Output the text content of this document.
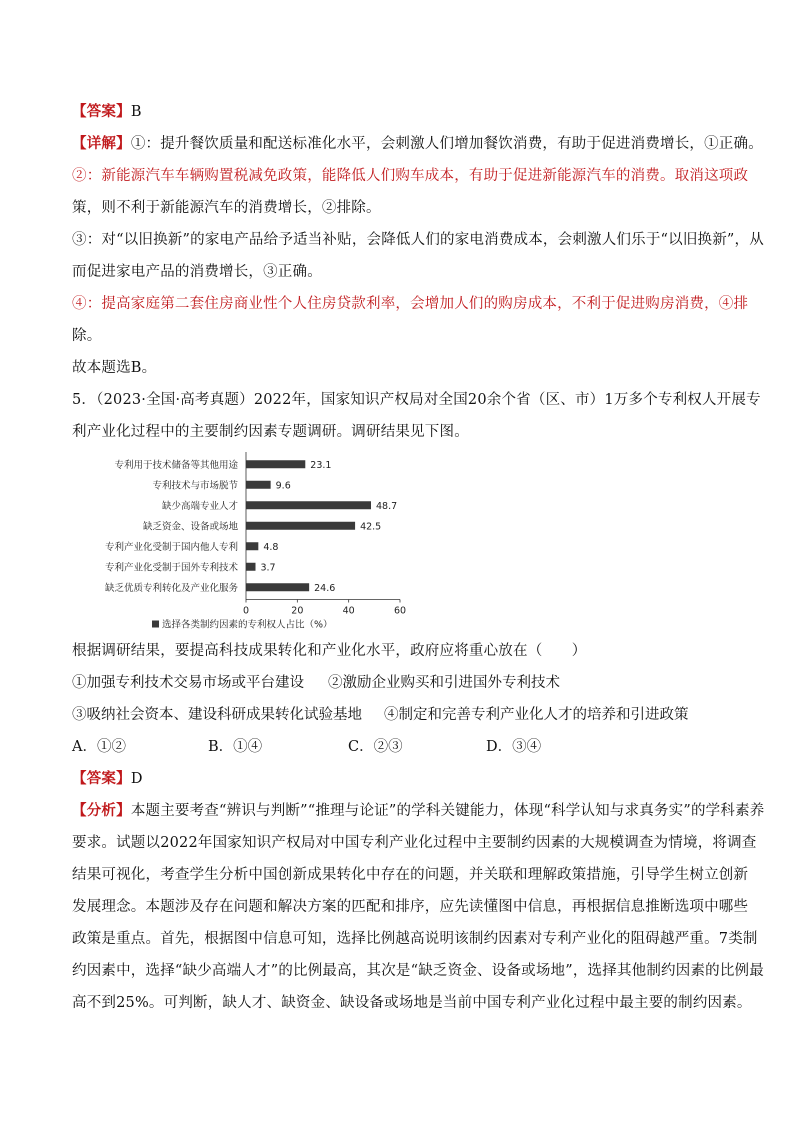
【答案】B
【详解】①：提升餐饮质量和配送标准化水平，会刺激人们增加餐饮消费，有助于促进消费增长，①正确。
②：新能源汽车车辆购置税减免政策，能降低人们购车成本，有助于促进新能源汽车的消费。取消这项政
策，则不利于新能源汽车的消费增长，②排除。
③：对“以旧换新”的家电产品给予适当补贴，会降低人们的家电消费成本，会刺激人们乐于“以旧换新”，从
而促进家电产品的消费增长，③正确。
④：提高家庭第二套住房商业性个人住房贷款利率，会增加人们的购房成本，不利于促进购房消费，④排
除。
故本题选B。
5．（2023·全国·高考真题）2022年，国家知识产权局对全国20余个省（区、市）1万多个专利权人开展专
利产业化过程中的主要制约因素专题调研。调研结果见下图。
专利用于技术储备等其他用途
专利技术与市场脱节
缺少高端专业人才
缺乏资金、设备或场地
专利产业化受制于国内他人专利
专利产业化受制于国外专利技术
缺乏优质专利转化及产业化服务
23.1
9.6
48.7
42.5
4.8
3.7
24.6
0	20	40	60
选择各类制约因素的专利权人占比（%）
根据调研结果，要提高科技成果转化和产业化水平，政府应将重心放在（　　）
①加强专利技术交易市场或平台建设 ②激励企业购买和引进国外专利技术
③吸纳社会资本、建设科研成果转化试验基地 ④制定和完善专利产业化人才的培养和引进政策
A．①②	B．①④	C．②③	D．③④
【答案】D
【分析】本题主要考查“辨识与判断”“推理与论证”的学科关键能力，体现“科学认知与求真务实”的学科素养
要求。试题以2022年国家知识产权局对中国专利产业化过程中主要制约因素的大规模调查为情境，将调查
结果可视化，考查学生分析中国创新成果转化中存在的问题，并关联和理解政策措施，引导学生树立创新
发展理念。本题涉及存在问题和解决方案的匹配和排序，应先读懂图中信息，再根据信息推断选项中哪些
政策是重点。首先，根据图中信息可知，选择比例越高说明该制约因素对专利产业化的阻碍越严重。7类制
约因素中，选择“缺少高端人才”的比例最高，其次是“缺乏资金、设备或场地”，选择其他制约因素的比例最
高不到25%。可判断，缺人才、缺资金、缺设备或场地是当前中国专利产业化过程中最主要的制约因素。
